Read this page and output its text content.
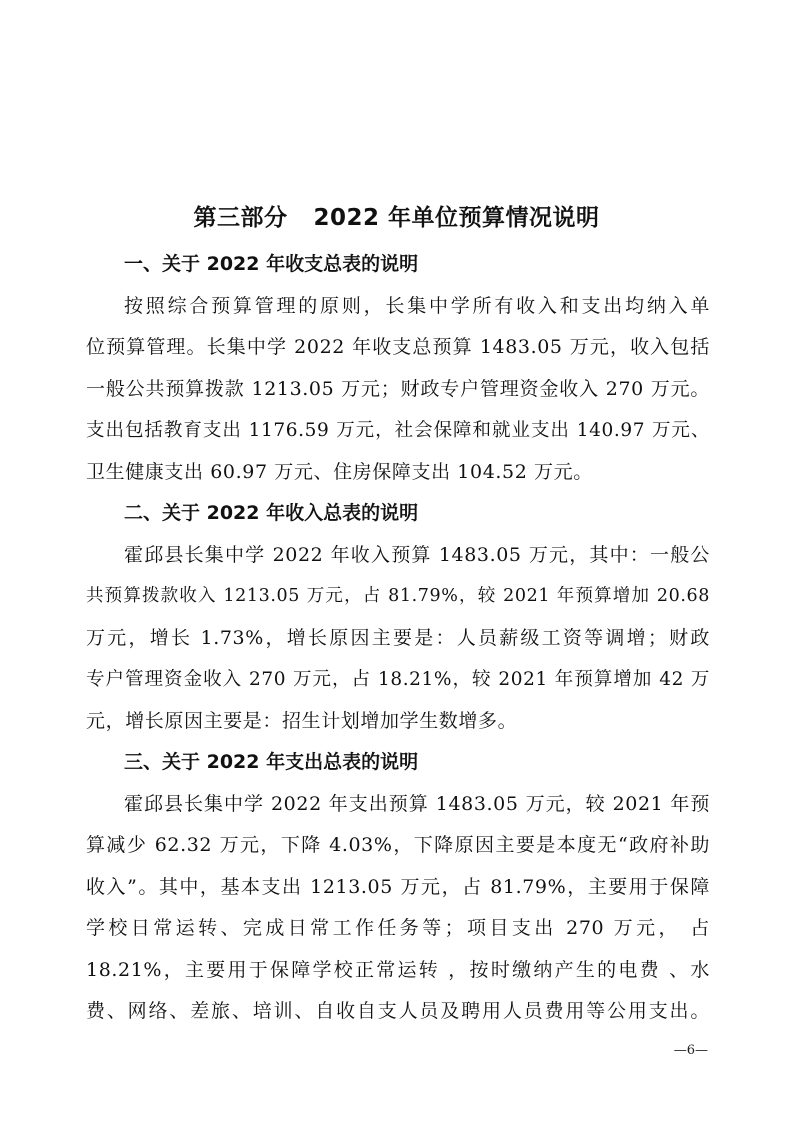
第三部分 2022 年单位预算情况说明
一、关于 2022 年收支总表的说明
按照综合预算管理的原则，长集中学所有收入和支出均纳入单
位预算管理。长集中学 2022 年收支总预算 1483.05 万元，收入包括
一般公共预算拨款 1213.05 万元；财政专户管理资金收入 270 万元。
支出包括教育支出 1176.59 万元，社会保障和就业支出 140.97 万元、
卫生健康支出 60.97 万元、住房保障支出 104.52 万元。
二、关于 2022 年收入总表的说明
霍邱县长集中学 2022 年收入预算 1483.05 万元，其中：一般公
共预算拨款收入 1213.05 万元，占 81.79%，较 2021 年预算增加 20.68
万元，增长 1.73%，增长原因主要是：人员薪级工资等调增；财政
专户管理资金收入 270 万元，占 18.21%，较 2021 年预算增加 42 万
元，增长原因主要是：招生计划增加学生数增多。
三、关于 2022 年支出总表的说明
霍邱县长集中学 2022 年支出预算 1483.05 万元，较 2021 年预
算减少 62.32 万元，下降 4.03%，下降原因主要是本度无“政府补助
收入”。其中，基本支出 1213.05 万元，占 81.79%，主要用于保障
学校日常运转、完成日常工作任务等；项目支出 270 万元， 占
18.21%，主要用于保障学校正常运转 ，按时缴纳产生的电费 、水
费、网络、差旅、培训、自收自支人员及聘用人员费用等公用支出。
—6—
